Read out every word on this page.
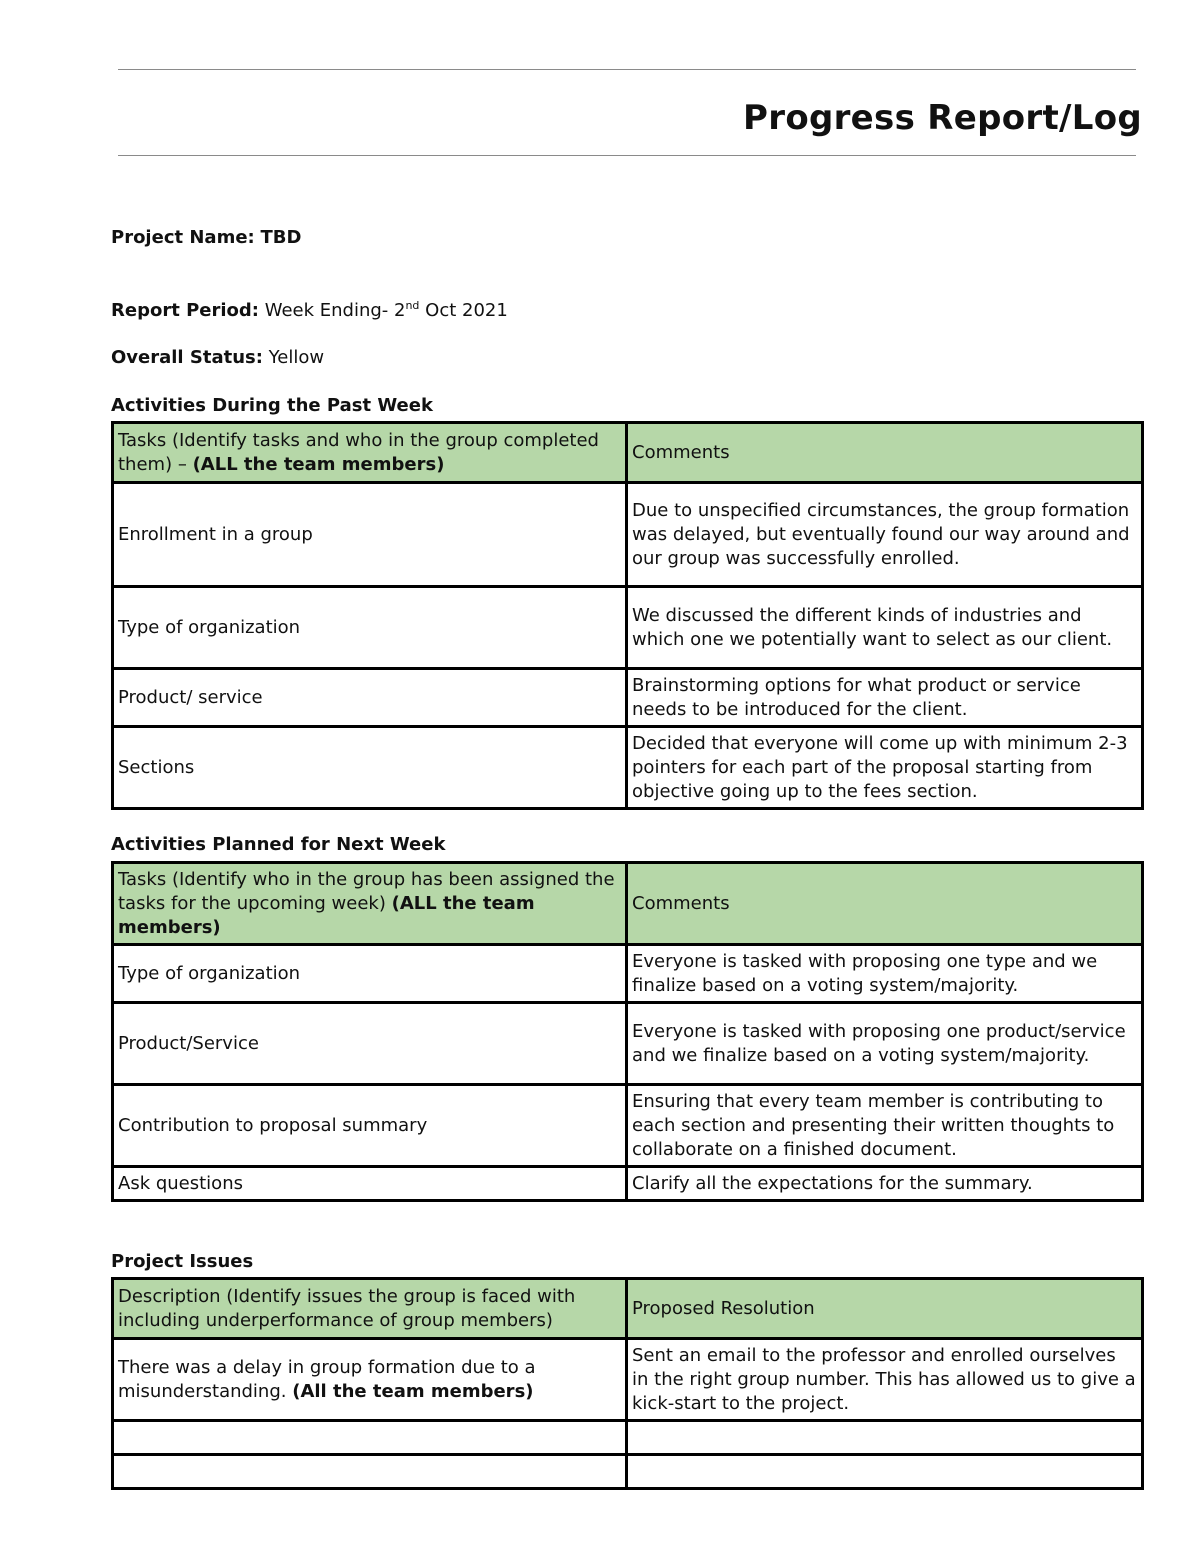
Progress Report/Log
Project Name: TBD
Report Period: Week Ending- 2nd Oct 2021
Overall Status: Yellow
Activities During the Past Week
Tasks (Identify tasks and who in the group completed them) – (ALL the team members)	Comments
Enrollment in a group	Due to unspecified circumstances, the group formation was delayed, but eventually found our way around and our group was successfully enrolled.
Type of organization	We discussed the different kinds of industries and which one we potentially want to select as our client.
Product/ service	Brainstorming options for what product or service needs to be introduced for the client.
Sections	Decided that everyone will come up with minimum 2-3 pointers for each part of the proposal starting from objective going up to the fees section.
Activities Planned for Next Week
Tasks (Identify who in the group has been assigned the tasks for the upcoming week) (ALL the team members)	Comments
Type of organization	Everyone is tasked with proposing one type and we finalize based on a voting system/majority.
Product/Service	Everyone is tasked with proposing one product/service and we finalize based on a voting system/majority.
Contribution to proposal summary	Ensuring that every team member is contributing to each section and presenting their written thoughts to collaborate on a finished document.
Ask questions	Clarify all the expectations for the summary.
Project Issues
Description (Identify issues the group is faced with including underperformance of group members)	Proposed Resolution
There was a delay in group formation due to a misunderstanding. (All the team members)	Sent an email to the professor and enrolled ourselves in the right group number. This has allowed us to give a kick-start to the project.
